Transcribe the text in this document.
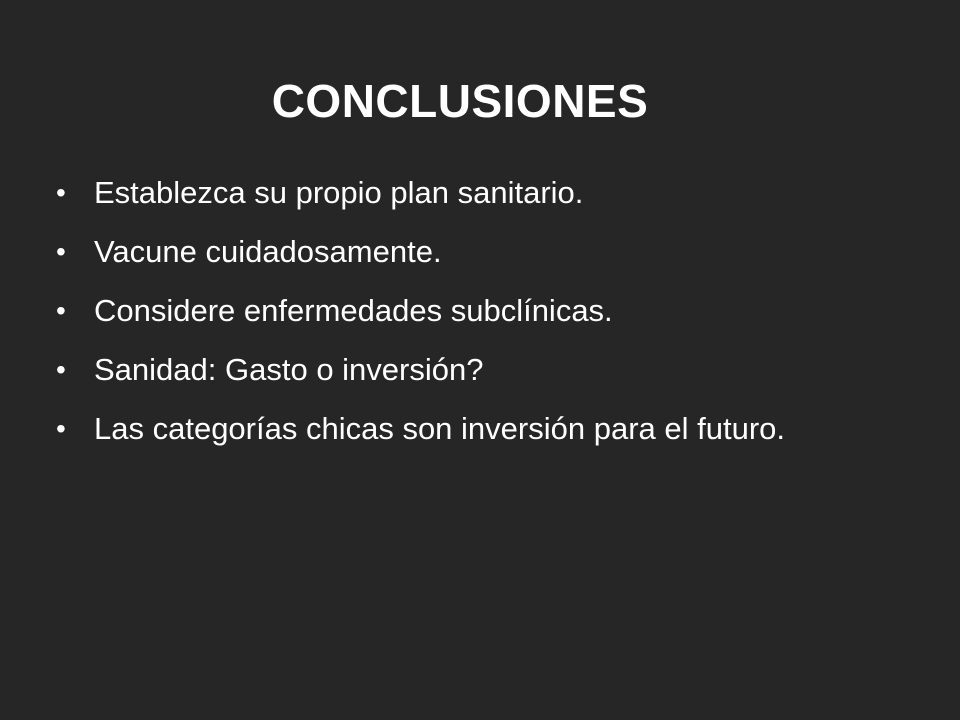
CONCLUSIONES
• Establezca su propio plan sanitario.
• Vacune cuidadosamente.
• Considere enfermedades subclínicas.
• Sanidad: Gasto o inversión?
• Las categorías chicas son inversión para el futuro.
